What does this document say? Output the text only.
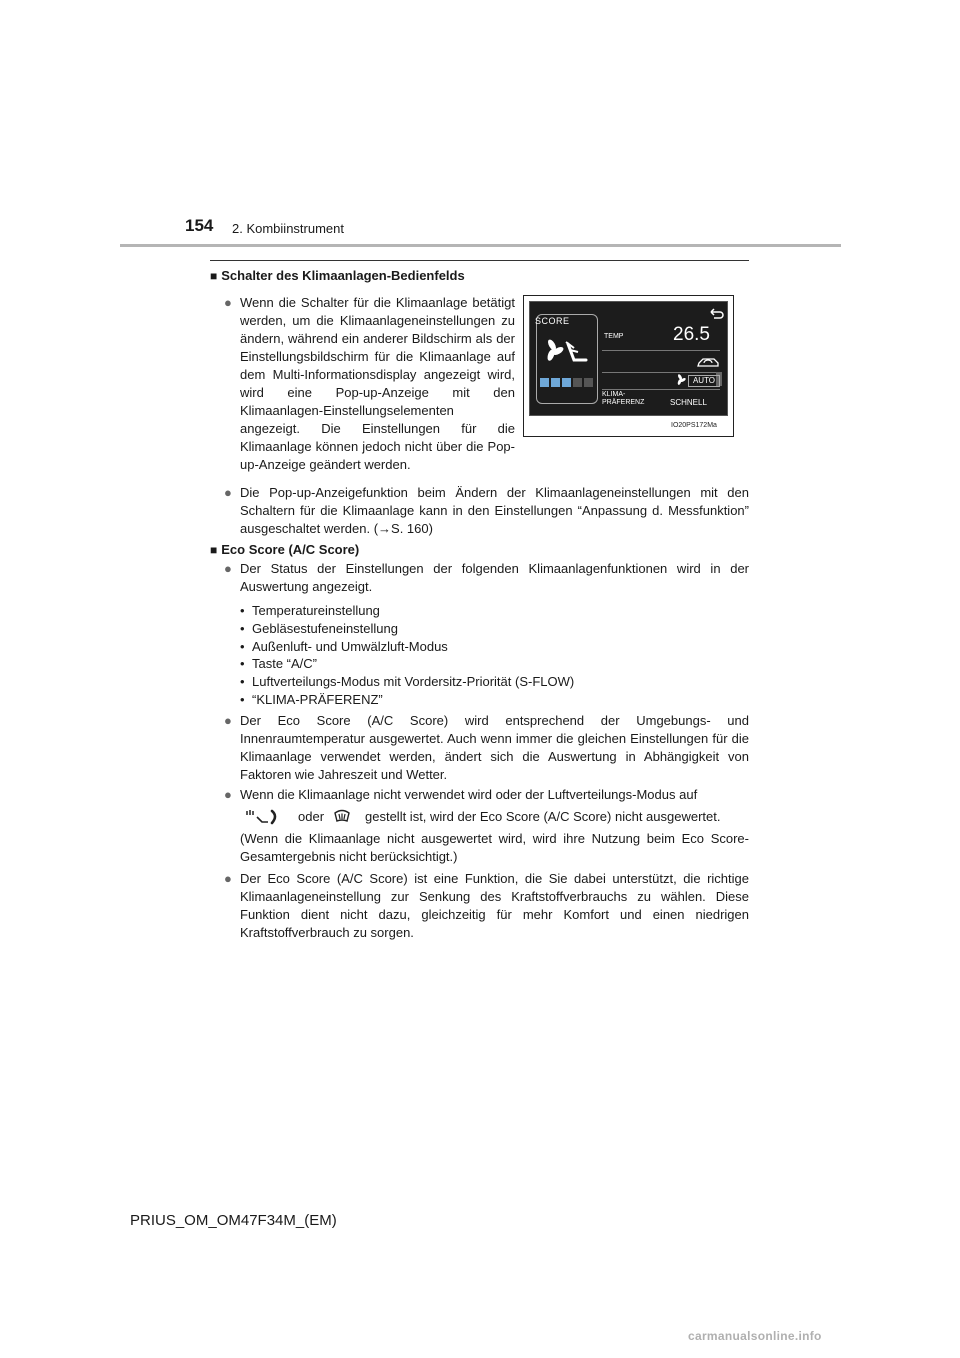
154 2. Kombiinstrument
■ Schalter des Klimaanlagen-Bedienfelds
● Wenn die Schalter für die Klimaanlage betätigt werden, um die Klimaanlageneinstellungen zu ändern, während ein anderer Bildschirm als der Einstellungsbildschirm für die Klimaanlage auf dem Multi-Informationsdisplay angezeigt wird, wird eine Pop-up-Anzeige mit den Klimaanlagen-Einstellungselementen angezeigt. Die Einstellungen für die Klimaanlage können jedoch nicht über die Pop-up-Anzeige geändert werden.
SCORE
TEMP	26.5
AUTO
KLIMA-
PRÄFERENZ	SCHNELL
IO20PS172Ma
● Die Pop-up-Anzeigefunktion beim Ändern der Klimaanlageneinstellungen mit den Schaltern für die Klimaanlage kann in den Einstellungen “Anpassung d. Messfunktion” ausgeschaltet werden. (→S. 160)
■ Eco Score (A/C Score)
● Der Status der Einstellungen der folgenden Klimaanlagenfunktionen wird in der Auswertung angezeigt.
• Temperatureinstellung
• Gebläsestufeneinstellung
• Außenluft- und Umwälzluft-Modus
• Taste “A/C”
• Luftverteilungs-Modus mit Vordersitz-Priorität (S-FLOW)
• “KLIMA-PRÄFERENZ”
● Der Eco Score (A/C Score) wird entsprechend der Umgebungs- und Innenraumtemperatur ausgewertet. Auch wenn immer die gleichen Einstellungen für die Klimaanlage verwendet werden, ändert sich die Auswertung in Abhängigkeit von Faktoren wie Jahreszeit und Wetter.
● Wenn die Klimaanlage nicht verwendet wird oder der Luftverteilungs-Modus auf
oder	gestellt ist, wird der Eco Score (A/C Score) nicht ausgewertet.
(Wenn die Klimaanlage nicht ausgewertet wird, wird ihre Nutzung beim Eco Score-Gesamtergebnis nicht berücksichtigt.)
● Der Eco Score (A/C Score) ist eine Funktion, die Sie dabei unterstützt, die richtige Klimaanlageneinstellung zur Senkung des Kraftstoffverbrauchs zu wählen. Diese Funktion dient nicht dazu, gleichzeitig für mehr Komfort und einen niedrigen Kraftstoffverbrauch zu sorgen.
PRIUS_OM_OM47F34M_(EM)
carmanualsonline.info
